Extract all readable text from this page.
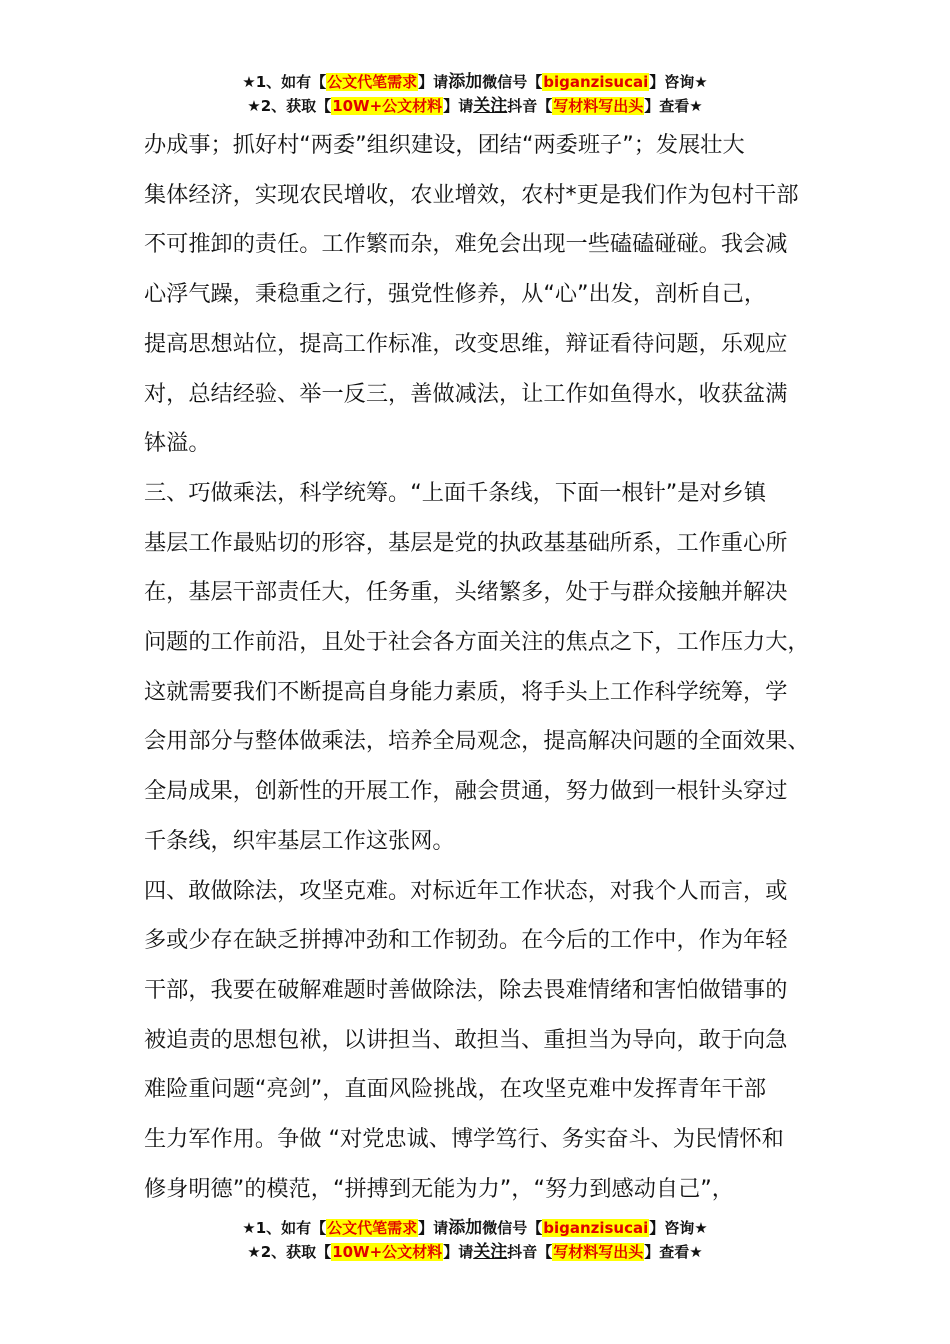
★1、如有【公文代笔需求】请添加微信号【biganzisucai】咨询★
★2、获取【10W+公文材料】请关注抖音【写材料写出头】查看★

办成事；抓好村“两委”组织建设，团结“两委班子”；发展壮大

集体经济，实现农民增收，农业增效，农村*更是我们作为包村干部

不可推卸的责任。工作繁而杂，难免会出现一些磕磕碰碰。我会减

心浮气躁，秉稳重之行，强党性修养，从“心”出发，剖析自己，

提高思想站位，提高工作标准，改变思维，辩证看待问题，乐观应

对，总结经验、举一反三，善做减法，让工作如鱼得水，收获盆满

钵溢。

三、巧做乘法，科学统筹。“上面千条线，下面一根针”是对乡镇

基层工作最贴切的形容，基层是党的执政基基础所系，工作重心所

在，基层干部责任大，任务重，头绪繁多，处于与群众接触并解决

问题的工作前沿，且处于社会各方面关注的焦点之下，工作压力大，

这就需要我们不断提高自身能力素质，将手头上工作科学统筹，学

会用部分与整体做乘法，培养全局观念，提高解决问题的全面效果、

全局成果，创新性的开展工作，融会贯通，努力做到一根针头穿过

千条线，织牢基层工作这张网。

四、敢做除法，攻坚克难。对标近年工作状态，对我个人而言，或

多或少存在缺乏拼搏冲劲和工作韧劲。在今后的工作中，作为年轻

干部，我要在破解难题时善做除法，除去畏难情绪和害怕做错事的

被追责的思想包袱，以讲担当、敢担当、重担当为导向，敢于向急

难险重问题“亮剑”，直面风险挑战，在攻坚克难中发挥青年干部

生力军作用。争做 “对党忠诚、博学笃行、务实奋斗、为民情怀和

修身明德”的模范，“拼搏到无能为力”，“努力到感动自己”，

★1、如有【公文代笔需求】请添加微信号【biganzisucai】咨询★
★2、获取【10W+公文材料】请关注抖音【写材料写出头】查看★
